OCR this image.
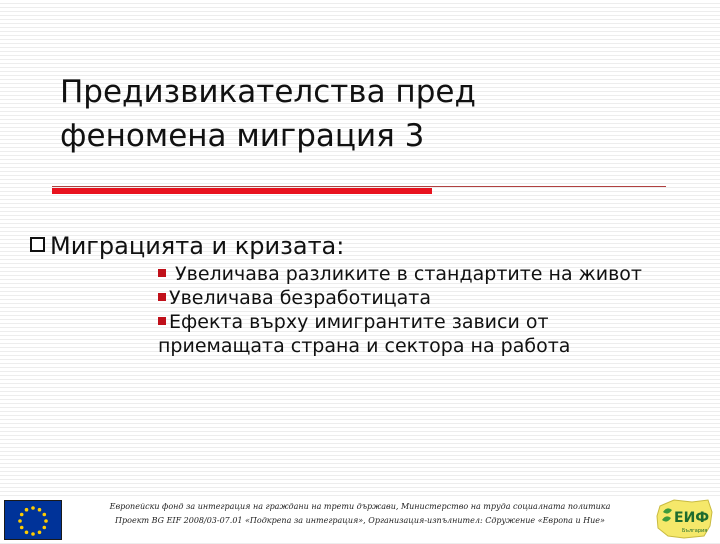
Предизвикателства пред
феномена миграция 3
Миграцията и кризата:
Увеличава разликите в стандартите на живот
Увеличава безработицата
Ефекта върху имигрантите зависи от приемащата страна и сектора на работа
Европейски фонд за интеграция на граждани на трети държави, Министерство на труда социалната политика
Проект BG EIF 2008/03-07.01 «Подкрепа за интеграция», Организация-изпълнител: Сдружение «Европа и Ние»	ЕИФ
България
